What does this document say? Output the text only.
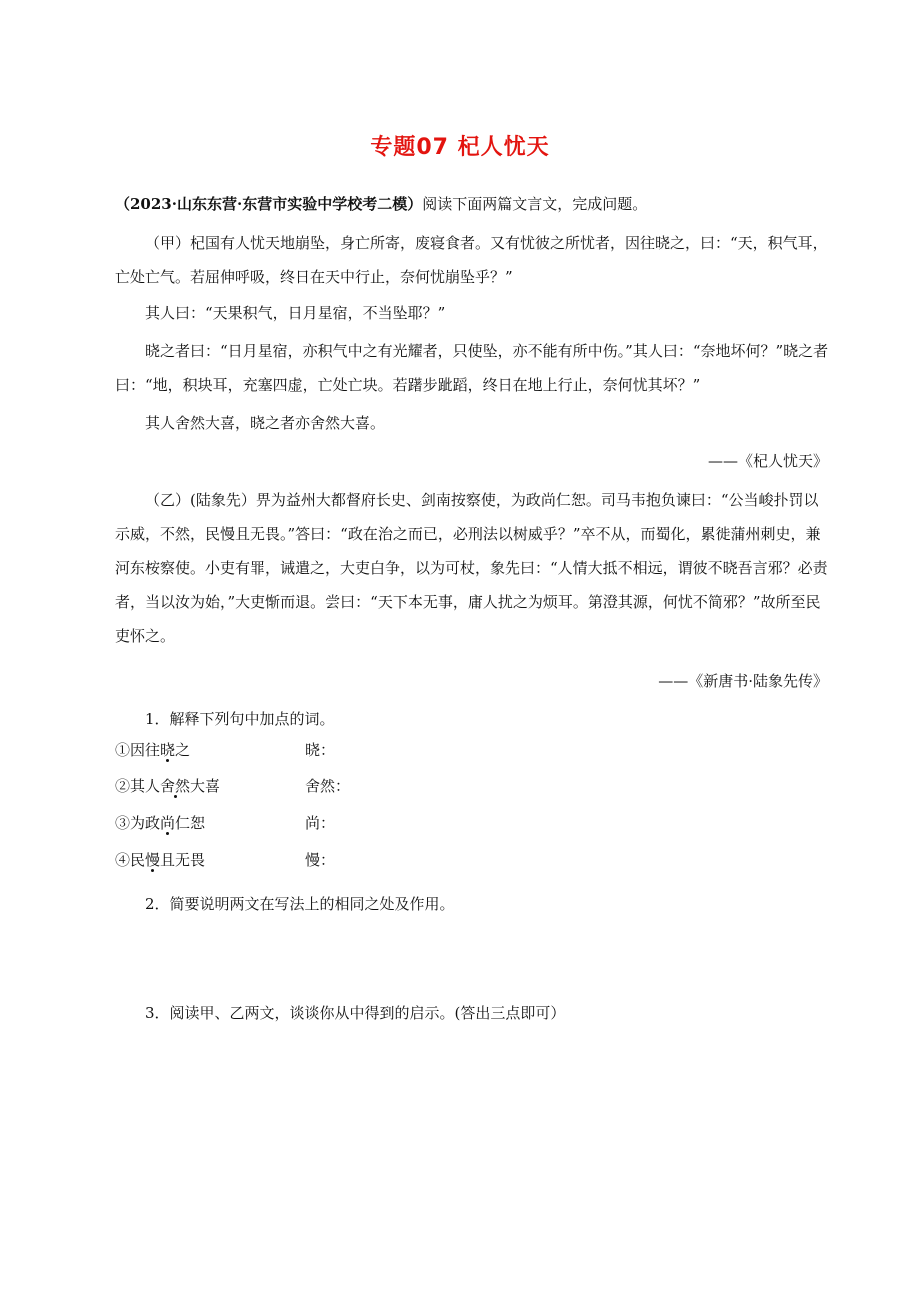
专题07 杞人忧天

（2023·山东东营·东营市实验中学校考二模）阅读下面两篇文言文，完成问题。

（甲）杞国有人忧天地崩坠，身亡所寄，废寝食者。又有忧彼之所忧者，因往晓之，曰：“天，积气耳，亡处亡气。若屈伸呼吸，终日在天中行止，奈何忧崩坠乎？”

其人曰：“天果积气，日月星宿，不当坠耶？”

晓之者曰：“日月星宿，亦积气中之有光耀者，只使坠，亦不能有所中伤。”其人曰：“奈地坏何？”晓之者曰：“地，积块耳，充塞四虚，亡处亡块。若躇步跐蹈，终日在地上行止，奈何忧其坏？”

其人舍然大喜，晓之者亦舍然大喜。

——《杞人忧天》

（乙）(陆象先）畀为益州大都督府长史、剑南按察使，为政尚仁恕。司马韦抱负谏曰：“公当峻扑罚以示威，不然，民慢且无畏。”答曰：“政在治之而已，必刑法以树威乎？”卒不从，而蜀化，累徙蒲州刺史，兼河东桉察使。小吏有罪，诫遣之，大吏白争，以为可杖，象先曰：“人情大抵不相远，谓彼不晓吾言邪？必责者，当以汝为始，”大吏惭而退。尝曰：“天下本无事，庸人扰之为烦耳。第澄其源，何忧不简邪？”故所至民吏怀之。

——《新唐书·陆象先传》
1．解释下列句中加点的词。
①因往晓之	晓：
②其人舍然大喜	舍然：
③为政尚仁恕	尚：
④民慢且无畏	慢：
2．简要说明两文在写法上的相同之处及作用。
3．阅读甲、乙两文，谈谈你从中得到的启示。(答出三点即可）
